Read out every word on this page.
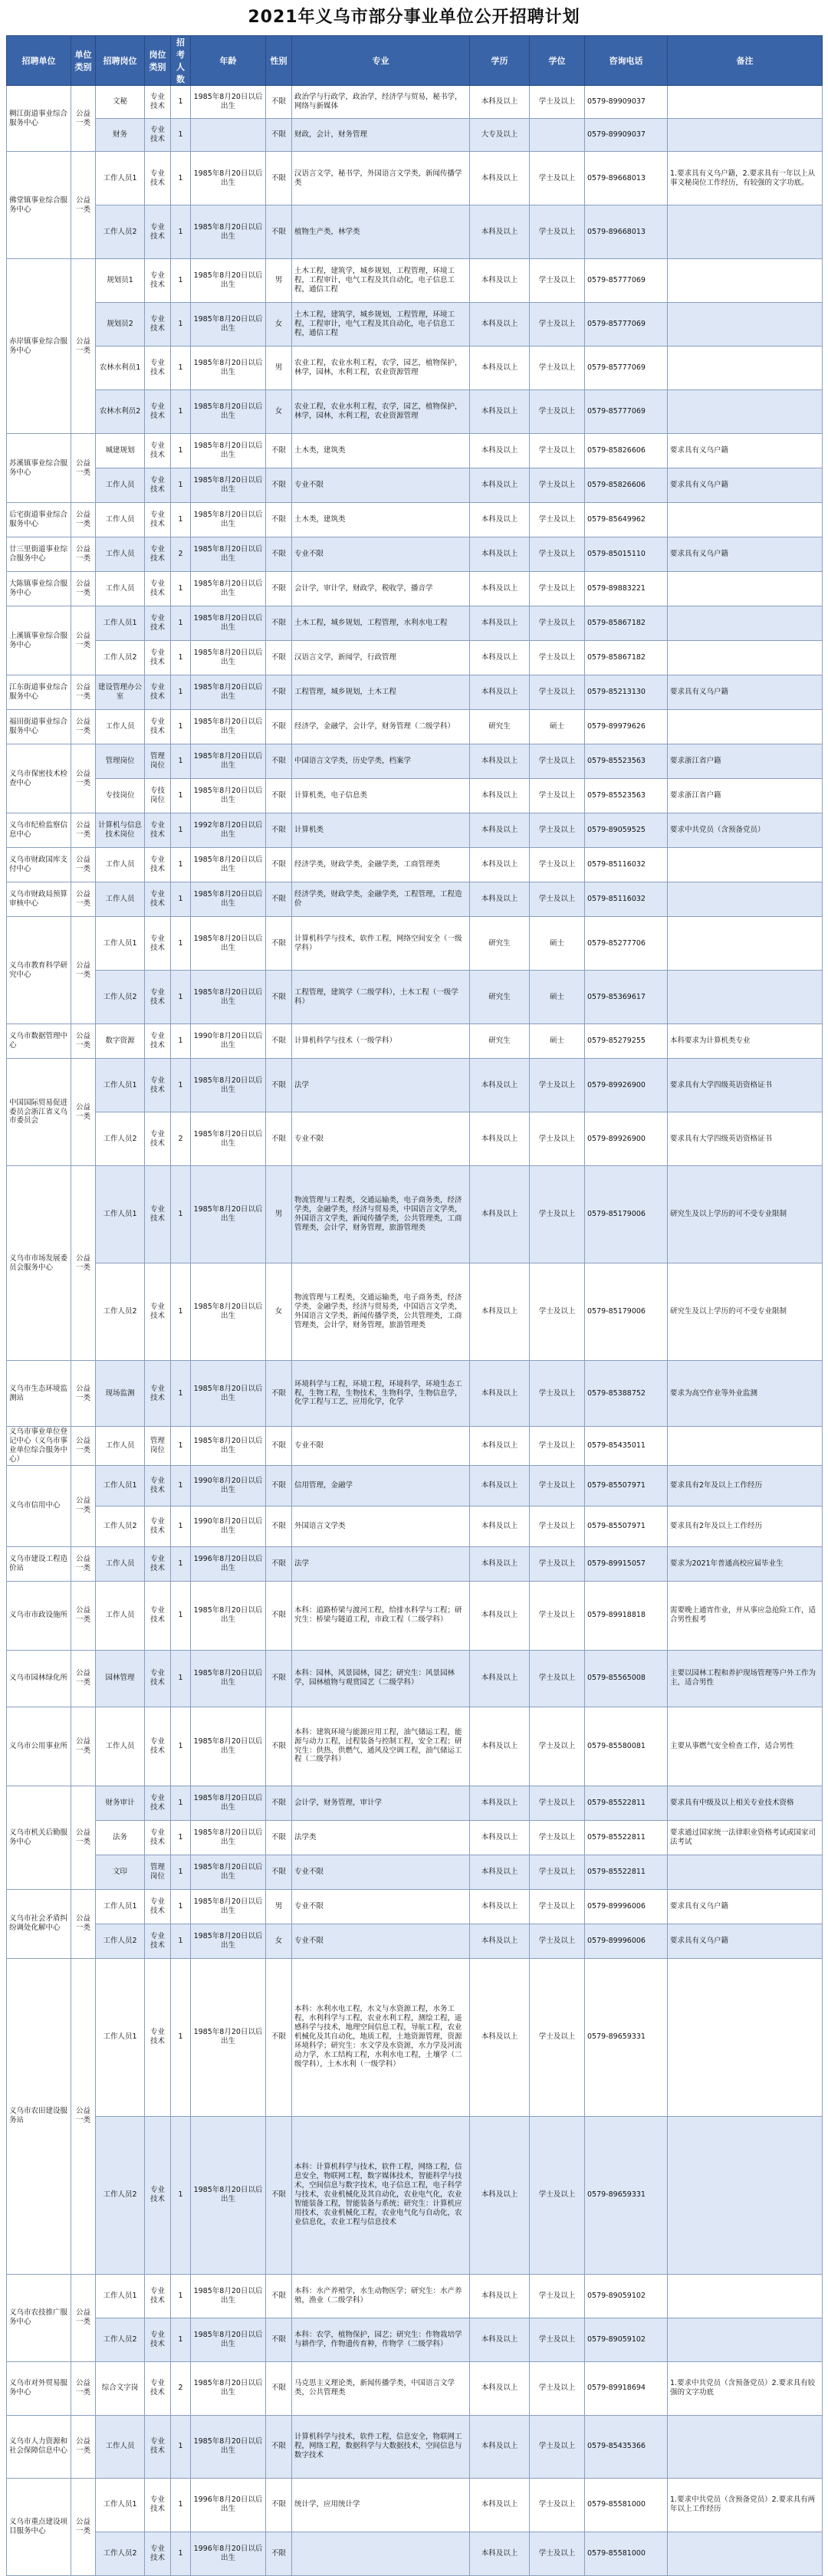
2021年义乌市部分事业单位公开招聘计划
招聘单位	单位类别	招聘岗位	岗位类别	招考人数	年龄	性别	专业	学历	学位	咨询电话	备注
稠江街道事业综合服务中心	公益一类	文秘	专业技术	1	1985年8月20日以后出生	不限	政治学与行政学，政治学，经济学与贸易，秘书学，网络与新媒体	本科及以上	学士及以上	0579-89909037	
		财务	专业技术	1		不限	财政，会计，财务管理	大专及以上		0579-89909037	
佛堂镇事业综合服务中心	公益一类	工作人员1	专业技术	1	1985年8月20日以后出生	不限	汉语言文学，秘书学，外国语言文学类，新闻传播学类	本科及以上	学士及以上	0579-89668013	1.要求具有义乌户籍，2.要求具有一年以上从事文秘岗位工作经历，有较强的文字功底。
		工作人员2	专业技术	1	1985年8月20日以后出生	不限	植物生产类，林学类	本科及以上	学士及以上	0579-89668013	
赤岸镇事业综合服务中心	公益一类	规划员1	专业技术	1	1985年8月20日以后出生	男	土木工程，建筑学，城乡规划，工程管理，环境工程，工程审计，电气工程及其自动化，电子信息工程，通信工程	本科及以上	学士及以上	0579-85777069	
		规划员2	专业技术	1	1985年8月20日以后出生	女	土木工程，建筑学，城乡规划，工程管理，环境工程，工程审计，电气工程及其自动化，电子信息工程，通信工程	本科及以上	学士及以上	0579-85777069	
		农林水利员1	专业技术	1	1985年8月20日以后出生	男	农业工程，农业水利工程，农学，园艺，植物保护，林学，园林，水利工程，农业资源管理	本科及以上	学士及以上	0579-85777069	
		农林水利员2	专业技术	1	1985年8月20日以后出生	女	农业工程，农业水利工程，农学，园艺，植物保护，林学，园林，水利工程，农业资源管理	本科及以上	学士及以上	0579-85777069	
苏溪镇事业综合服务中心	公益一类	城建规划	专业技术	1	1985年8月20日以后出生	不限	土木类，建筑类	本科及以上	学士及以上	0579-85826606	要求具有义乌户籍
		工作人员	专业技术	1	1985年8月20日以后出生	不限	专业不限	本科及以上	学士及以上	0579-85826606	要求具有义乌户籍
后宅街道事业综合服务中心	公益一类	工作人员	专业技术	1	1985年8月20日以后出生	不限	土木类，建筑类	本科及以上	学士及以上	0579-85649962	
廿三里街道事业综合服务中心	公益一类	工作人员	专业技术	2	1985年8月20日以后出生	不限	专业不限	本科及以上	学士及以上	0579-85015110	要求具有义乌户籍
大陈镇事业综合服务中心	公益一类	工作人员	专业技术	1	1985年8月20日以后出生	不限	会计学，审计学，财政学，税收学，播音学	本科及以上	学士及以上	0579-89883221	
上溪镇事业综合服务中心	公益一类	工作人员1	专业技术	1	1985年8月20日以后出生	不限	土木工程，城乡规划，工程管理，水利水电工程	本科及以上	学士及以上	0579-85867182	
		工作人员2	专业技术	1	1985年8月20日以后出生	不限	汉语言文学，新闻学，行政管理	本科及以上	学士及以上	0579-85867182	
江东街道事业综合服务中心	公益一类	建设管理办公室	专业技术	1	1985年8月20日以后出生	不限	工程管理，城乡规划，土木工程	本科及以上	学士及以上	0579-85213130	要求具有义乌户籍
福田街道事业综合服务中心	公益一类	工作人员	专业技术	1	1985年8月20日以后出生	不限	经济学，金融学，会计学，财务管理（二级学科）	研究生	硕士	0579-89979626	
义乌市保密技术检查中心	公益一类	管理岗位	管理岗位	1	1985年8月20日以后出生	不限	中国语言文学类，历史学类，档案学	本科及以上	学士及以上	0579-85523563	要求浙江省户籍
		专技岗位	专技岗位	1	1985年8月20日以后出生	不限	计算机类，电子信息类	本科及以上	学士及以上	0579-85523563	要求浙江省户籍
义乌市纪检监察信息中心	公益一类	计算机与信息技术岗位	专业技术	1	1992年8月20日以后出生	不限	计算机类	本科及以上	学士及以上	0579-89059525	要求中共党员（含预备党员）
义乌市财政国库支付中心	公益一类	工作人员	专业技术	1	1985年8月20日以后出生	不限	经济学类，财政学类，金融学类，工商管理类	本科及以上	学士及以上	0579-85116032	
义乌市财政局预算审核中心	公益一类	工作人员	专业技术	1	1985年8月20日以后出生	不限	经济学类，财政学类，金融学类，工程管理，工程造价	本科及以上	学士及以上	0579-85116032	
义乌市教育科学研究中心	公益一类	工作人员1	专业技术	1	1985年8月20日以后出生	不限	计算机科学与技术，软件工程，网络空间安全（一级学科）	研究生	硕士	0579-85277706	
		工作人员2	专业技术	1	1985年8月20日以后出生	不限	工程管理，建筑学（二级学科），土木工程（一级学科）	研究生	硕士	0579-85369617	
义乌市数据管理中心	公益一类	数字资源	专业技术	1	1990年8月20日以后出生	不限	计算机科学与技术（一级学科）	研究生	硕士	0579-85279255	本科要求为计算机类专业
中国国际贸易促进委员会浙江省义乌市委员会	公益一类	工作人员1	专业技术	1	1985年8月20日以后出生	不限	法学	本科及以上	学士及以上	0579-89926900	要求具有大学四级英语资格证书
		工作人员2	专业技术	2	1985年8月20日以后出生	不限	专业不限	本科及以上	学士及以上	0579-89926900	要求具有大学四级英语资格证书
义乌市市场发展委员会服务中心	公益一类	工作人员1	专业技术	1	1985年8月20日以后出生	男	物流管理与工程类，交通运输类，电子商务类，经济学类，金融学类，经济与贸易类，中国语言文学类，外国语言文学类，新闻传播学类，公共管理类，工商管理类，会计学，财务管理，旅游管理类	本科及以上	学士及以上	0579-85179006	研究生及以上学历的可不受专业限制
		工作人员2	专业技术	1	1985年8月20日以后出生	女	物流管理与工程类，交通运输类，电子商务类，经济学类，金融学类，经济与贸易类，中国语言文学类，外国语言文学类，新闻传播学类，公共管理类，工商管理类，会计学，财务管理，旅游管理类	本科及以上	学士及以上	0579-85179006	研究生及以上学历的可不受专业限制
义乌市生态环境监测站	公益一类	现场监测	专业技术	1	1985年8月20日以后出生	不限	环境科学与工程，环境工程，环境科学，环境生态工程，生物工程，生物技术，生物科学，生物信息学，化学工程与工艺，应用化学，化学	本科及以上	学士及以上	0579-85388752	要求为高空作业等外业监测
义乌市事业单位登记中心（义乌市事业单位综合服务中心）	公益一类	工作人员	管理岗位	1	1985年8月20日以后出生	不限	专业不限	本科及以上	学士及以上	0579-85435011	
义乌市信用中心	公益一类	工作人员1	专业技术	1	1990年8月20日以后出生	不限	信用管理，金融学	本科及以上	学士及以上	0579-85507971	要求具有2年及以上工作经历
		工作人员2	专业技术	1	1990年8月20日以后出生	不限	外国语言文学类	本科及以上	学士及以上	0579-85507971	要求具有2年及以上工作经历
义乌市建设工程造价站	公益一类	工作人员	专业技术	1	1996年8月20日以后出生	不限	法学	本科及以上	学士及以上	0579-89915057	要求为2021年普通高校应届毕业生
义乌市市政设施所	公益一类	工作人员	专业技术	1	1985年8月20日以后出生	不限	本科：道路桥梁与渡河工程，给排水科学与工程；研究生：桥梁与隧道工程，市政工程（二级学科）	本科及以上	学士及以上	0579-89918818	需要晚上通宵作业，并从事应急抢险工作，适合男性报考
义乌市园林绿化所	公益一类	园林管理	专业技术	1	1985年8月20日以后出生	不限	本科：园林，风景园林，园艺；研究生：风景园林学，园林植物与观赏园艺（二级学科）	本科及以上	学士及以上	0579-85565008	主要以园林工程和养护现场管理等户外工作为主，适合男性
义乌市公用事业所	公益一类	工作人员	专业技术	1	1985年8月20日以后出生	不限	本科：建筑环境与能源应用工程，油气储运工程，能源与动力工程，过程装备与控制工程，安全工程；研究生：供热、供燃气、通风及空调工程，油气储运工程（二级学科）	本科及以上	学士及以上	0579-85580081	主要从事燃气安全检查工作，适合男性
义乌市机关后勤服务中心	公益一类	财务审计	专业技术	1	1985年8月20日以后出生	不限	会计学，财务管理，审计学	本科及以上	学士及以上	0579-85522811	要求具有中级及以上相关专业技术资格
		法务	专业技术	1	1985年8月20日以后出生	不限	法学类	本科及以上	学士及以上	0579-85522811	要求通过国家统一法律职业资格考试或国家司法考试
		文印	管理岗位	1	1985年8月20日以后出生	不限	专业不限	本科及以上	学士及以上	0579-85522811	
义乌市社会矛盾纠纷调处化解中心	公益一类	工作人员1	专业技术	1	1985年8月20日以后出生	男	专业不限	本科及以上	学士及以上	0579-89996006	要求具有义乌户籍
		工作人员2	专业技术	1	1985年8月20日以后出生	女	专业不限	本科及以上	学士及以上	0579-89996006	要求具有义乌户籍
义乌市农田建设服务站	公益一类	工作人员1	专业技术	1	1985年8月20日以后出生	不限	本科：水利水电工程，水文与水资源工程，水务工程，水利科学与工程，农业水利工程，测绘工程，遥感科学与技术，地理空间信息工程，导航工程，农业机械化及其自动化，地质工程，土地资源管理，资源环境科学；研究生：水文学及水资源，水力学及河流动力学，水工结构工程，水利水电工程，土壤学（二级学科），土木水利（一级学科）	本科及以上	学士及以上	0579-89659331	
		工作人员2	专业技术	1	1985年8月20日以后出生	不限	本科：计算机科学与技术，软件工程，网络工程，信息安全，物联网工程，数字媒体技术，智能科学与技术，空间信息与数字技术，电子信息工程，电子科学与技术，农业机械化及其自动化，农业电气化，农业智能装备工程，智能装备与系统；研究生：计算机应用技术，农业机械化工程，农业电气化与自动化，农业信息化，农业工程与信息技术	本科及以上	学士及以上	0579-89659331	
义乌市农技推广服务中心	公益一类	工作人员1	专业技术	1	1985年8月20日以后出生	不限	本科：水产养殖学，水生动物医学；研究生：水产养殖，渔业（二级学科）	本科及以上	学士及以上	0579-89059102	
		工作人员2	专业技术	1	1985年8月20日以后出生	不限	本科：农学，植物保护，园艺；研究生：作物栽培学与耕作学，作物遗传育种，作物学（二级学科）	本科及以上	学士及以上	0579-89059102	
义乌市对外贸易服务中心	公益一类	综合文字岗	专业技术	2	1985年8月20日以后出生	不限	马克思主义理论类，新闻传播学类，中国语言文学类，公共管理类	本科及以上	学士及以上	0579-89918694	1.要求中共党员（含预备党员）2.要求具有较强的文字功底
义乌市人力资源和社会保障信息中心	公益一类	工作人员	专业技术	1	1985年8月20日以后出生	不限	计算机科学与技术，软件工程，信息安全，物联网工程，网络工程，数据科学与大数据技术，空间信息与数字技术	本科及以上	学士及以上	0579-85435366	
义乌市重点建设项目服务中心	公益一类	工作人员1	专业技术	1	1996年8月20日以后出生	不限	统计学，应用统计学	本科及以上	学士及以上	0579-85581000	1.要求中共党员（含预备党员）2.要求具有两年以上工作经历
		工作人员2	专业技术	1	1996年8月20日以后出生	不限		本科及以上	学士及以上	0579-85581000	
